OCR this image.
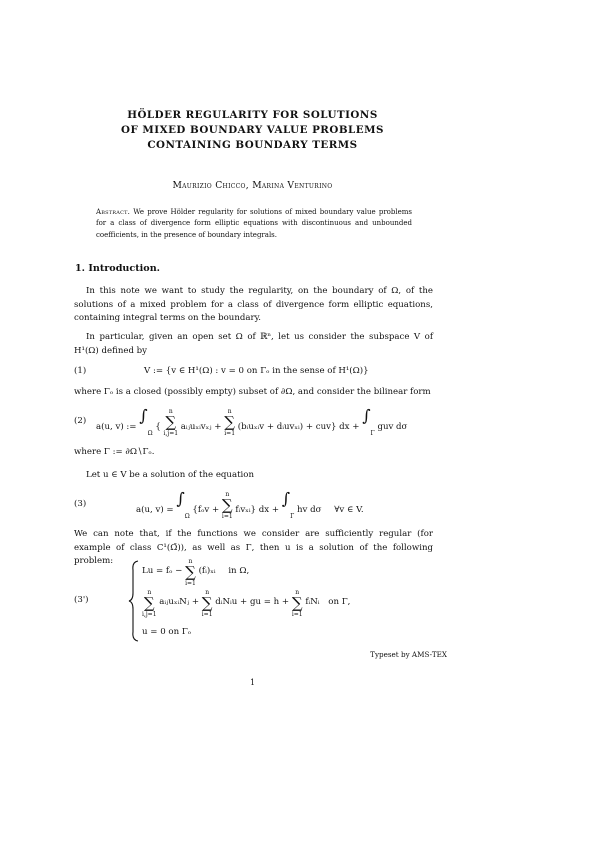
HÖLDER REGULARITY FOR SOLUTIONS
OF MIXED BOUNDARY VALUE PROBLEMS
CONTAINING BOUNDARY TERMS
Maurizio Chicco, Marina Venturino
Abstract. We prove Hölder regularity for solutions of mixed boundary value problems for a class of divergence form elliptic equations with discontinuous and unbounded coefficients, in the presence of boundary integrals.
1. Introduction.
In this note we want to study the regularity, on the boundary of Ω, of the solutions of a mixed problem for a class of divergence form elliptic equations, containing integral terms on the boundary.
In particular, given an open set Ω of ℝⁿ, let us consider the subspace V of H¹(Ω) defined by
(1)	V := {v ∈ H¹(Ω) : v = 0 on Γₒ in the sense of H¹(Ω)}
where Γₒ is a closed (possibly empty) subset of ∂Ω, and consider the bilinear form
(2)
a(u, v) := $\int_\Omega$ {
n
∑
i,j=1
aᵢⱼuₓᵢvₓⱼ +
n
∑
i=1
(bᵢuₓᵢv + dᵢuvₓᵢ) + cuv} dx + $\int_\Gamma$ guv dσ
where Γ := ∂Ω∖Γₒ.
Let u ∈ V be a solution of the equation
(3)
a(u, $v) = \int_\Omega$ {fₒv +
n
∑
i=1
fᵢvₓᵢ} dx + $\int_\Gamma$ hv dσ ∀v ∈ V.
We can note that, if the functions we consider are sufficiently regular (for example of class C¹(Ω̄)), as well as Γ, then u is a solution of the following problem:
(3')
Lu = fₒ −
n
∑
i=1
(fᵢ)ₓᵢ in Ω,
n
∑
i,j=1
aᵢⱼuₓᵢNⱼ +
n
∑
i=1
dᵢNᵢu + gu = h +
n
∑
i=1
fᵢNᵢ on Γ,
u = 0 on Γₒ
Typeset by AMS-TEX
1
